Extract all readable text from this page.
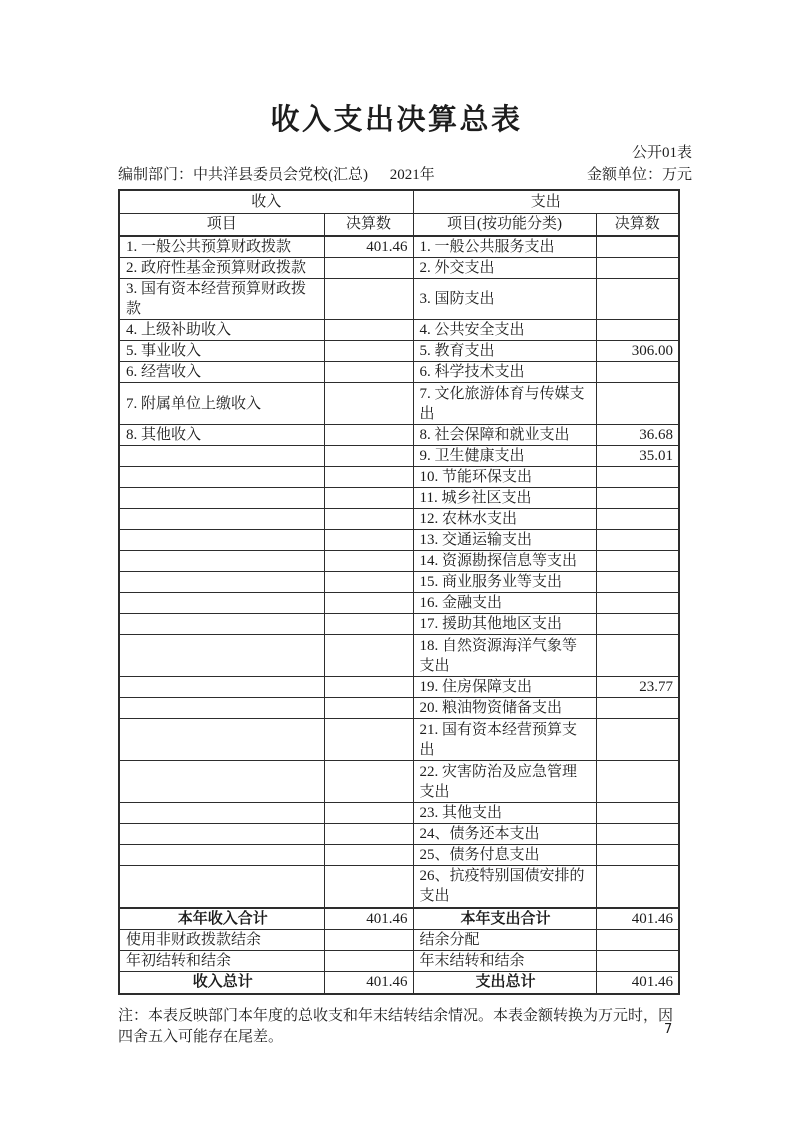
收入支出决算总表
公开01表
编制部门：中共洋县委员会党校(汇总) 2021年	金额单位：万元
收入		支出	
项目	决算数	项目(按功能分类)	决算数
1. 一般公共预算财政拨款	401.46	1. 一般公共服务支出	
2. 政府性基金预算财政拨款		2. 外交支出	
3. 国有资本经营预算财政拨款		3. 国防支出	
4. 上级补助收入		4. 公共安全支出	
5. 事业收入		5. 教育支出	306.00
6. 经营收入		6. 科学技术支出	
7. 附属单位上缴收入		7. 文化旅游体育与传媒支出	
8. 其他收入		8. 社会保障和就业支出	36.68
		9. 卫生健康支出	35.01
		10. 节能环保支出	
		11. 城乡社区支出	
		12. 农林水支出	
		13. 交通运输支出	
		14. 资源勘探信息等支出	
		15. 商业服务业等支出	
		16. 金融支出	
		17. 援助其他地区支出	
		18. 自然资源海洋气象等支出	
		19. 住房保障支出	23.77
		20. 粮油物资储备支出	
		21. 国有资本经营预算支出	
		22. 灾害防治及应急管理支出	
		23. 其他支出	
		24、债务还本支出	
		25、债务付息支出	
		26、抗疫特别国债安排的支出	
本年收入合计	401.46	本年支出合计	401.46
使用非财政拨款结余		结余分配	
年初结转和结余		年末结转和结余	
收入总计	401.46	支出总计	401.46
注：本表反映部门本年度的总收支和年末结转结余情况。本表金额转换为万元时，因
四舍五入可能存在尾差。	7
